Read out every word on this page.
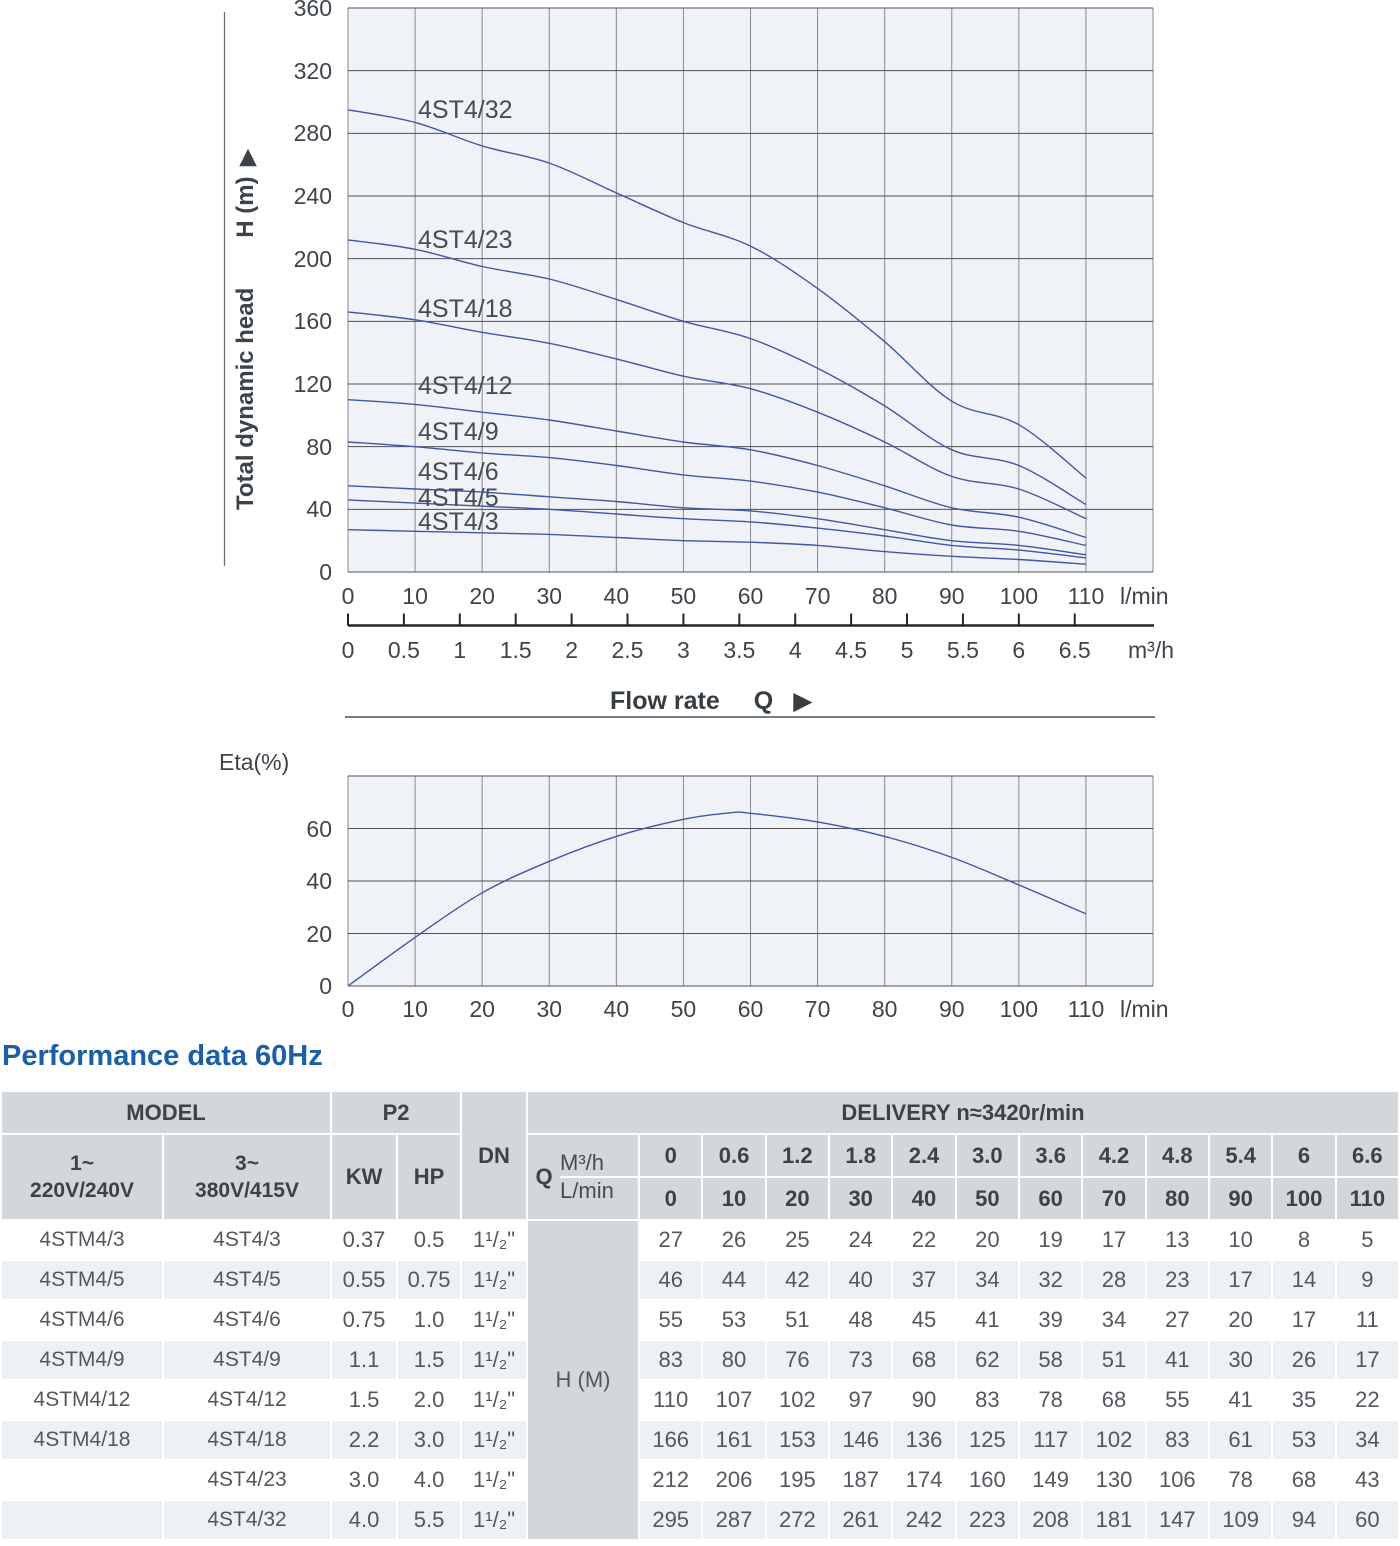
Total dynamic head
H (m)
▶
Flow rate Q ▶
Eta(%)
0
40
80
120
160
200
240
280
320
360
0	10	20	30	40	50	60	70	80	90	100	110 l/min
0	0.5	1	1.5	2	2.5	3	3.5	4	4.5	5	5.5	6	6.5	m³/h
4ST4/32
4ST4/23
4ST4/18
4ST4/12
4ST4/9
4ST4/6
4ST4/5
4ST4/3
0
20
40
60
0	10	20	30	40	50	60	70	80	90	100	110 l/min
Performance data 60Hz
MODEL		P2		DN	DELIVERY n≈3420r/min												

1~
220V/240V

3~
380V/415V
	KW	HP	Q
M³/h
L/min
	0	0.6	1.2	1.8	2.4	3.0	3.6	4.2	4.8	5.4	6	6.6
						0	10	20	30	40	50	60	70	80	90	100	110
4STM4/3	4ST4/3	0.37	0.5	1¹/₂"	H (M)	27	26	25	24	22	20	19	17	13	10	8	5
4STM4/5	4ST4/5	0.55	0.75	1¹/₂"		46	44	42	40	37	34	32	28	23	17	14	9
4STM4/6	4ST4/6	0.75	1.0	1¹/₂"		55	53	51	48	45	41	39	34	27	20	17	11
4STM4/9	4ST4/9	1.1	1.5	1¹/₂"		83	80	76	73	68	62	58	51	41	30	26	17
4STM4/12	4ST4/12	1.5	2.0	1¹/₂"		110	107	102	97	90	83	78	68	55	41	35	22
4STM4/18	4ST4/18	2.2	3.0	1¹/₂"		166	161	153	146	136	125	117	102	83	61	53	34
	4ST4/23	3.0	4.0	1¹/₂"		212	206	195	187	174	160	149	130	106	78	68	43
	4ST4/32	4.0	5.5	1¹/₂"		295	287	272	261	242	223	208	181	147	109	94	60
